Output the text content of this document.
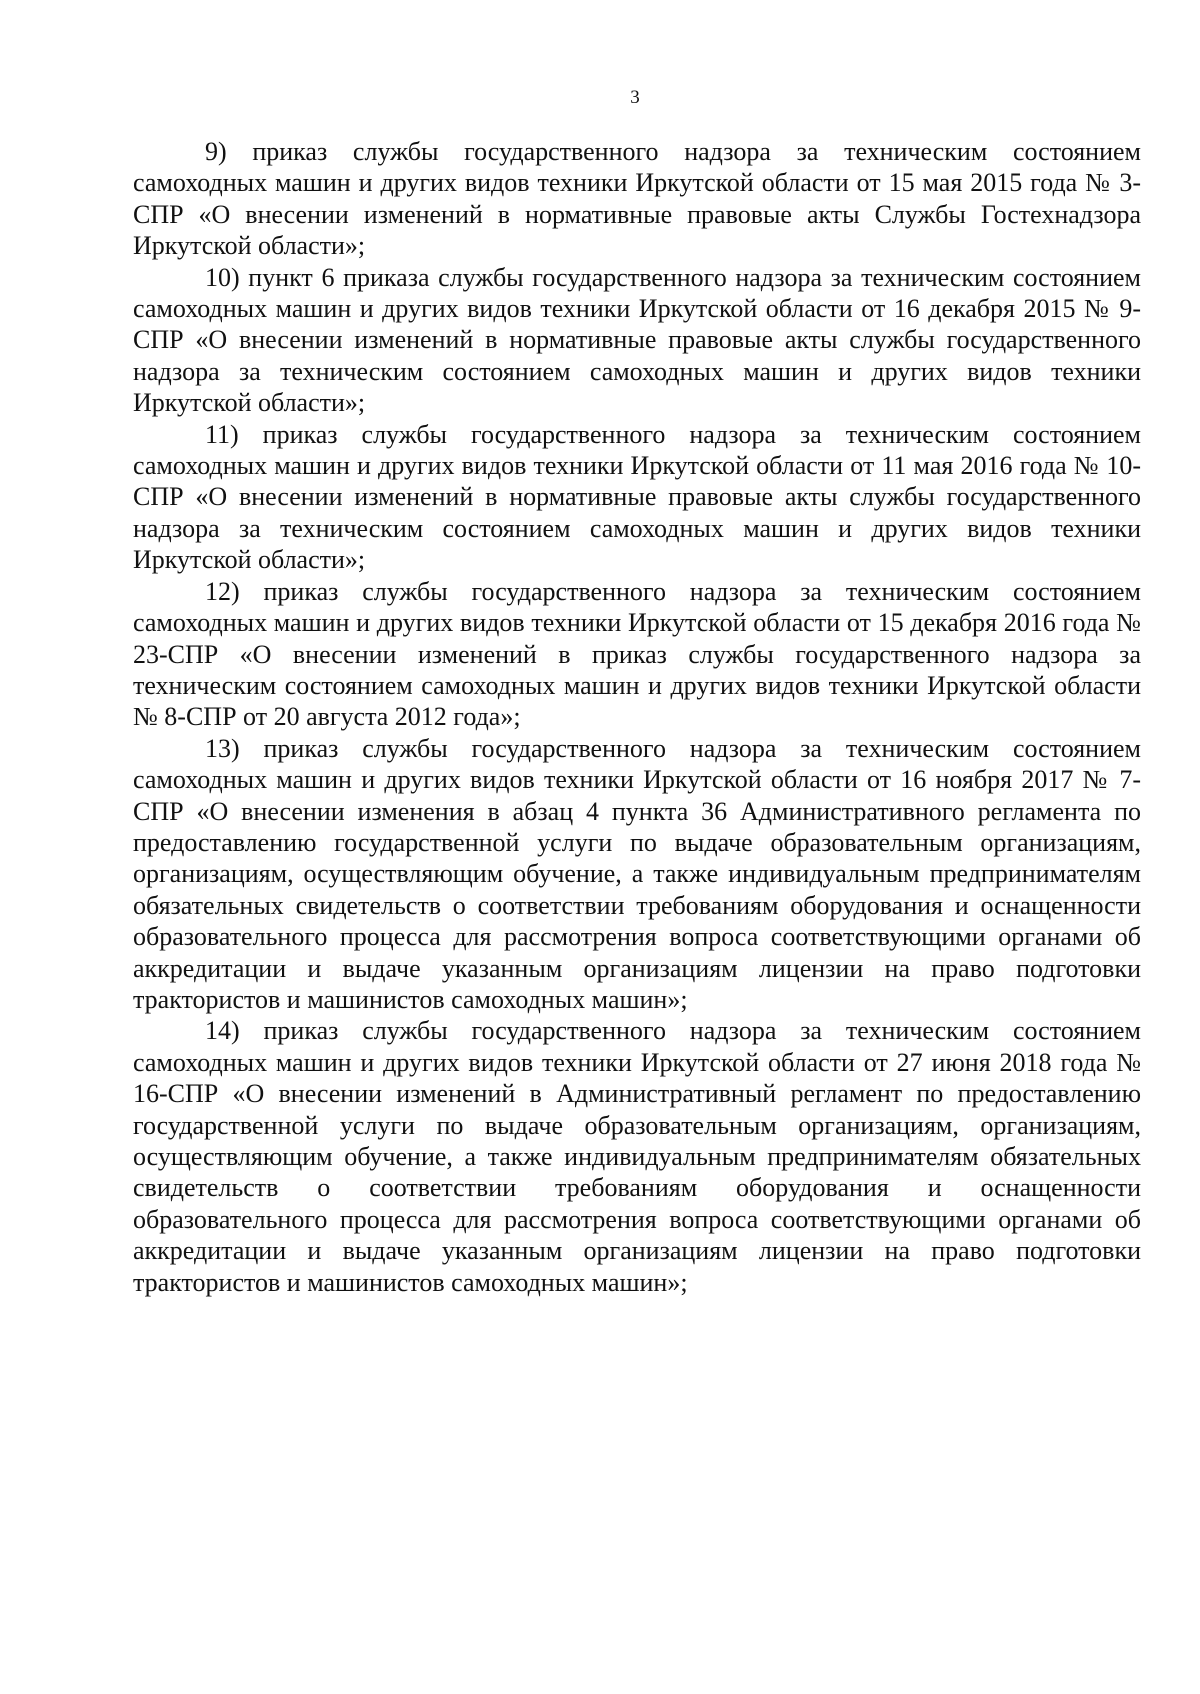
3

9) приказ службы государственного надзора за техническим состоянием самоходных машин и других видов техники Иркутской области от 15 мая 2015 года № 3-СПР «О внесении изменений в нормативные правовые акты Службы Гостехнадзора Иркутской области»;

10) пункт 6 приказа службы государственного надзора за техническим состоянием самоходных машин и других видов техники Иркутской области от 16 декабря 2015 № 9-СПР «О внесении изменений в нормативные правовые акты службы государственного надзора за техническим состоянием самоходных машин и других видов техники Иркутской области»;

11) приказ службы государственного надзора за техническим состоянием самоходных машин и других видов техники Иркутской области от 11 мая 2016 года № 10-СПР «О внесении изменений в нормативные правовые акты службы государственного надзора за техническим состоянием самоходных машин и других видов техники Иркутской области»;

12) приказ службы государственного надзора за техническим состоянием самоходных машин и других видов техники Иркутской области от 15 декабря 2016 года № 23-СПР «О внесении изменений в приказ службы государственного надзора за техническим состоянием самоходных машин и других видов техники Иркутской области № 8-СПР от 20 августа 2012 года»;

13) приказ службы государственного надзора за техническим состоянием самоходных машин и других видов техники Иркутской области от 16 ноября 2017 № 7-СПР «О внесении изменения в абзац 4 пункта 36 Административного регламента по предоставлению государственной услуги по выдаче образовательным организациям, организациям, осуществляющим обучение, а также индивидуальным предпринимателям обязательных свидетельств о соответствии требованиям оборудования и оснащенности образовательного процесса для рассмотрения вопроса соответствующими органами об аккредитации и выдаче указанным организациям лицензии на право подготовки трактористов и машинистов самоходных машин»;

14) приказ службы государственного надзора за техническим состоянием самоходных машин и других видов техники Иркутской области от 27 июня 2018 года № 16-СПР «О внесении изменений в Административный регламент по предоставлению государственной услуги по выдаче образовательным организациям, организациям, осуществляющим обучение, а также индивидуальным предпринимателям обязательных свидетельств о соответствии требованиям оборудования и оснащенности образовательного процесса для рассмотрения вопроса соответствующими органами об аккредитации и выдаче указанным организациям лицензии на право подготовки трактористов и машинистов самоходных машин»;
